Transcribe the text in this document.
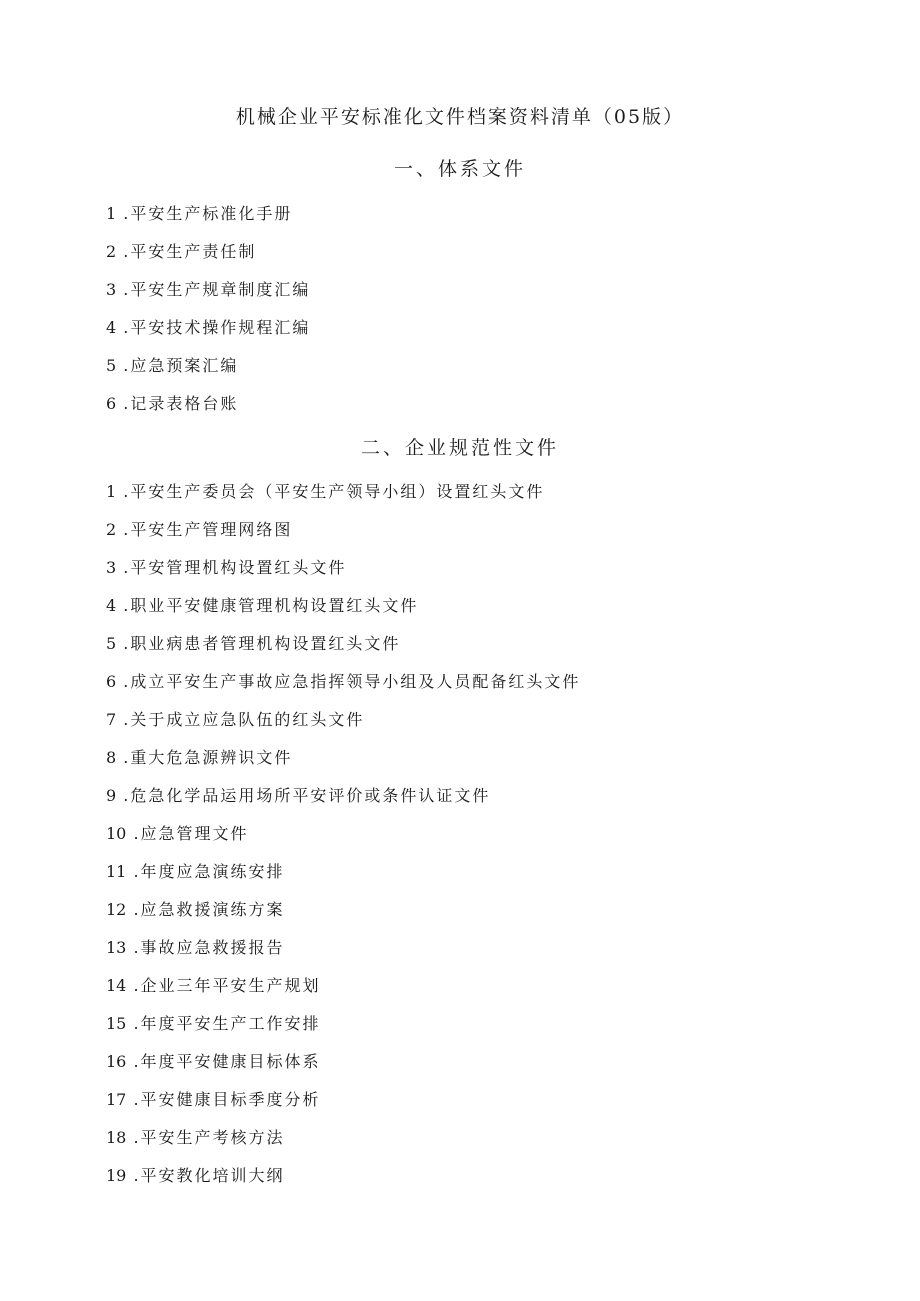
机械企业平安标准化文件档案资料清单（05版）
一、体系文件
1 .平安生产标准化手册
2 .平安生产责任制
3 .平安生产规章制度汇编
4 .平安技术操作规程汇编
5 .应急预案汇编
6 .记录表格台账
二、企业规范性文件
1 .平安生产委员会（平安生产领导小组）设置红头文件
2 .平安生产管理网络图
3 .平安管理机构设置红头文件
4 .职业平安健康管理机构设置红头文件
5 .职业病患者管理机构设置红头文件
6 .成立平安生产事故应急指挥领导小组及人员配备红头文件
7 .关于成立应急队伍的红头文件
8 .重大危急源辨识文件
9 .危急化学品运用场所平安评价或条件认证文件
10 .应急管理文件
11 .年度应急演练安排
12 .应急救援演练方案
13 .事故应急救援报告
14 .企业三年平安生产规划
15 .年度平安生产工作安排
16 .年度平安健康目标体系
17 .平安健康目标季度分析
18 .平安生产考核方法
19 .平安教化培训大纲
